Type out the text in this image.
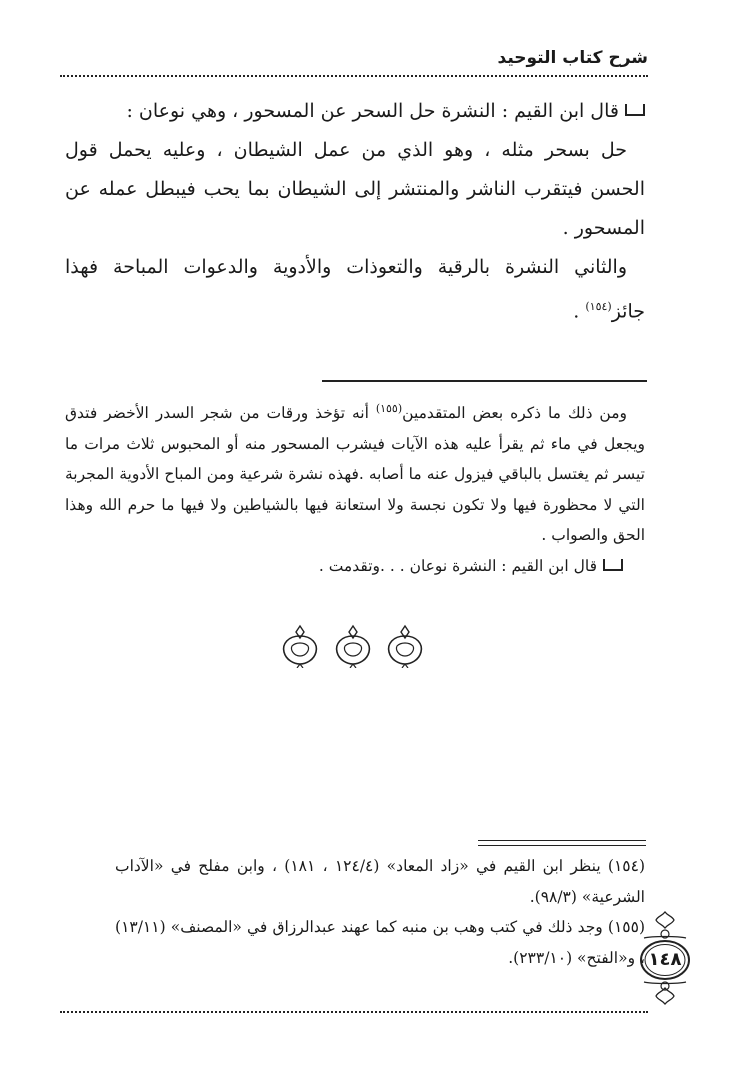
شرح كتاب التوحيد

قال ابن القيم : النشرة حل السحر عن المسحور ، وهي نوعان :

حل بسحر مثله ، وهو الذي من عمل الشيطان ، وعليه يحمل قول الحسن فيتقرب الناشر والمنتشر إلى الشيطان بما يحب فيبطل عمله عن المسحور .

والثاني النشرة بالرقية والتعوذات والأدوية والدعوات المباحة فهذا جائز$^{(١٥٤)}$ .

ومن ذلك ما ذكره بعض المتقدمين$^{(١٥٥)}$ أنه تؤخذ ورقات من شجر السدر الأخضر فتدق ويجعل في ماء ثم يقرأ عليه هذه الآيات فيشرب المسحور منه أو المحبوس ثلاث مرات ما تيسر ثم يغتسل بالباقي فيزول عنه ما أصابه .فهذه نشرة شرعية ومن المباح الأدوية المجربة التي لا محظورة فيها ولا تكون نجسة ولا استعانة فيها بالشياطين ولا فيها ما حرم الله وهذا الحق والصواب .

قال ابن القيم : النشرة نوعان . . .وتقدمت .

(١٥٤) ينظر ابن القيم في «زاد المعاد» (١٢٤/٤ ، ١٨١) ، وابن مفلح في «الآداب الشرعية» (٩٨/٣).

(١٥٥) وجد ذلك في كتب وهب بن منبه كما عهند عبدالرزاق في «المصنف» (١٣/١١) ، و«الفتح» (٢٣٣/١٠). ١٤٨
